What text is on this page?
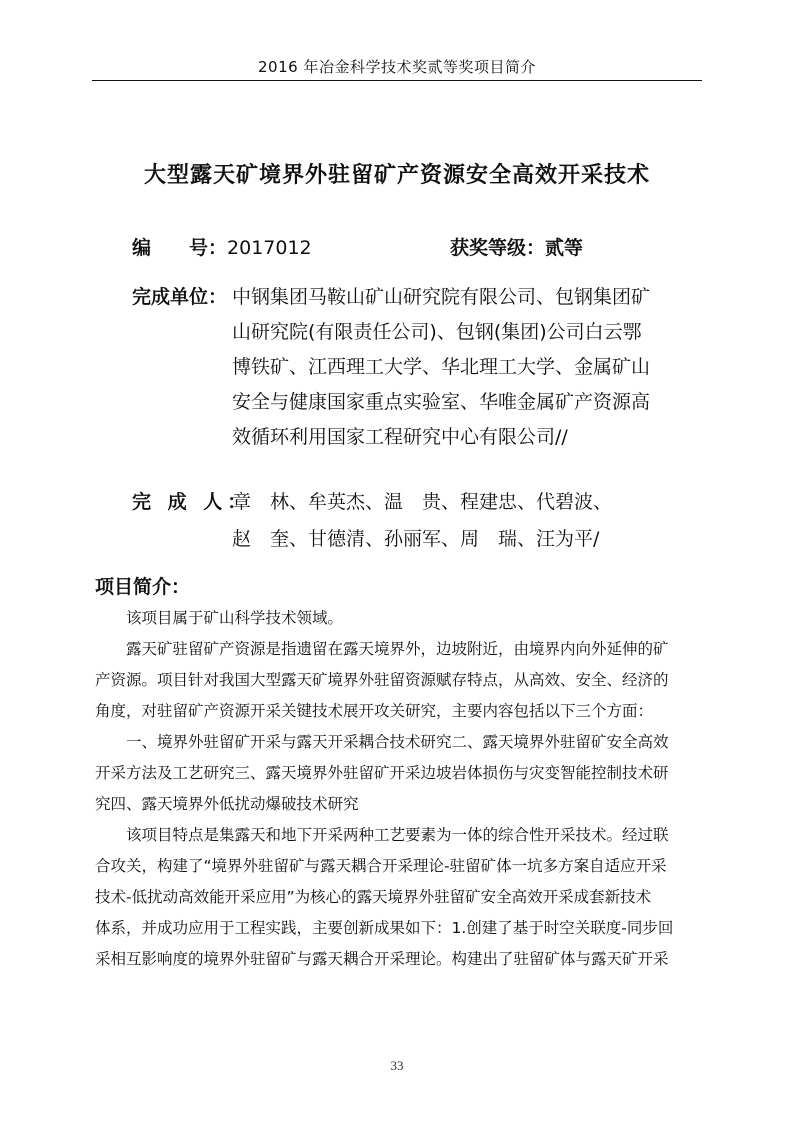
2016 年冶金科学技术奖贰等奖项目简介
大型露天矿境界外驻留矿产资源安全高效开采技术
编　　号：2017012	获奖等级：贰等
完成单位： 中钢集团马鞍山矿山研究院有限公司、包钢集团矿
山研究院(有限责任公司)、包钢(集团)公司白云鄂
博铁矿、江西理工大学、华北理工大学、金属矿山
安全与健康国家重点实验室、华唯金属矿产资源高
效循环利用国家工程研究中心有限公司//
完 成 人：
章　林、牟英杰、温　贵、程建忠、代碧波、
赵　奎、甘德清、孙丽军、周　瑞、汪为平/
项目简介：
该项目属于矿山科学技术领域。
露天矿驻留矿产资源是指遗留在露天境界外，边坡附近，由境界内向外延伸的矿
产资源。项目针对我国大型露天矿境界外驻留资源赋存特点，从高效、安全、经济的
角度，对驻留矿产资源开采关键技术展开攻关研究，主要内容包括以下三个方面：
一、境界外驻留矿开采与露天开采耦合技术研究二、露天境界外驻留矿安全高效
开采方法及工艺研究三、露天境界外驻留矿开采边坡岩体损伤与灾变智能控制技术研
究四、露天境界外低扰动爆破技术研究
该项目特点是集露天和地下开采两种工艺要素为一体的综合性开采技术。经过联
合攻关，构建了“境界外驻留矿与露天耦合开采理论-驻留矿体一坑多方案自适应开采
技术-低扰动高效能开采应用”为核心的露天境界外驻留矿安全高效开采成套新技术
体系，并成功应用于工程实践，主要创新成果如下：1.创建了基于时空关联度-同步回
采相互影响度的境界外驻留矿与露天耦合开采理论。构建出了驻留矿体与露天矿开采
33
